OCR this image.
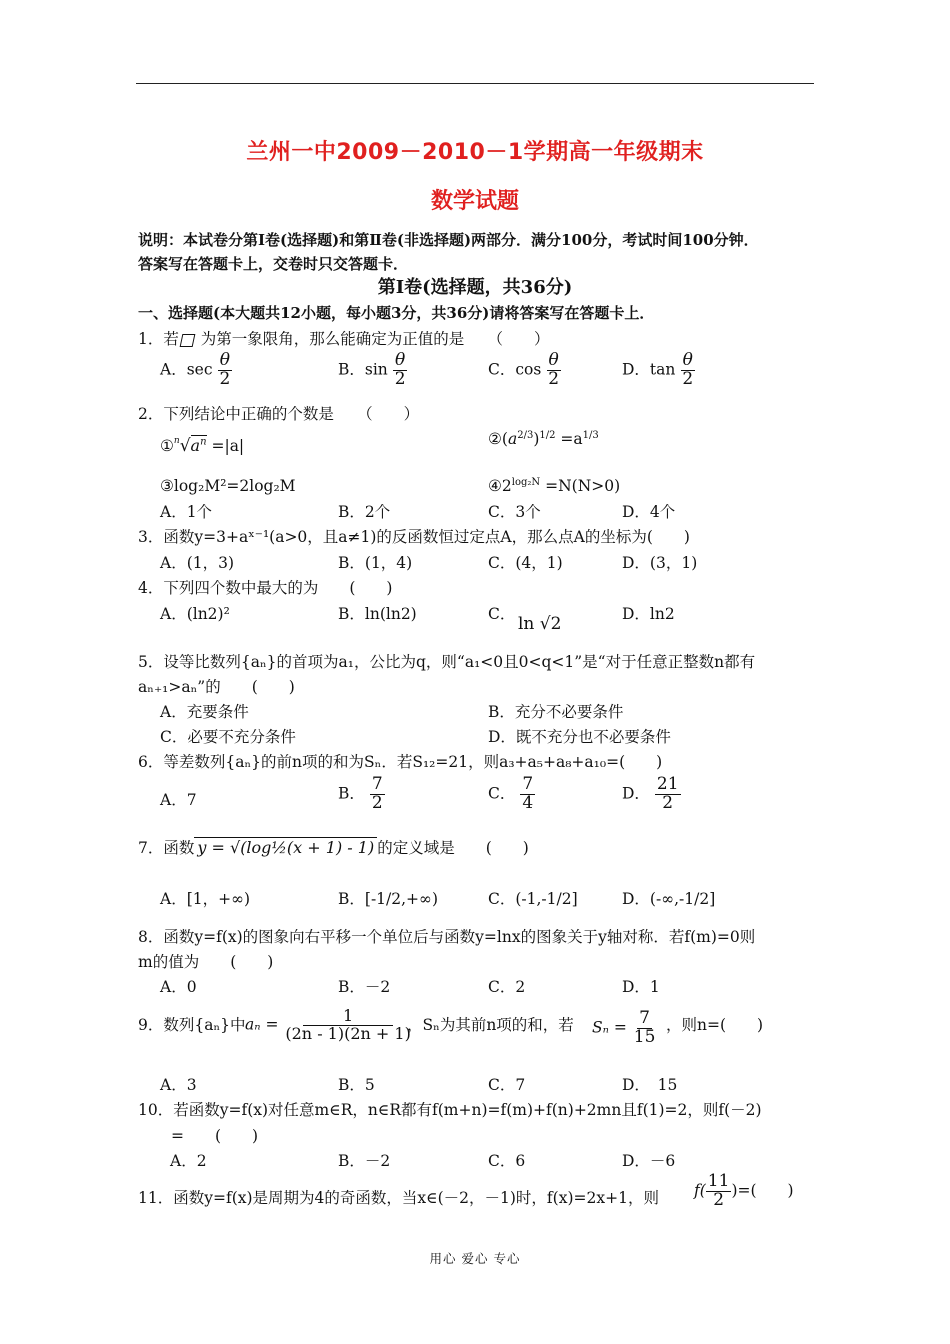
兰州一中2009－2010－1学期高一年级期末
数学试题
说明：本试卷分第Ⅰ卷(选择题)和第Ⅱ卷(非选择题)两部分．满分100分，考试时间100分钟．
答案写在答题卡上，交卷时只交答题卡．
第Ⅰ卷(选择题，共36分)
一、选择题(本大题共12小题，每小题3分，共36分)请将答案写在答题卡上．
1．若 为第一象限角，那么能确定为正值的是　　（　　）
A．$\sec \frac{\theta}{2}$	B．$\sin \frac{\theta}{2}$	C．$\cos \frac{\theta}{2}$	D．$\tan \frac{\theta}{2}$
2．下列结论中正确的个数是　　（　　）
$①^n√a^n =|a|$	$②(a^{2/3})^{1/2} =a^{1/3}$
③log₂M²=2log₂M	$④2^{log_2N} =N(N>0)$
A．1个	B．2个	C．3个	D．4个
3．函数y=3+aˣ⁻¹(a>0，且a≠1)的反函数恒过定点A，那么点A的坐标为(　　)
A．(1，3)	B．(1，4)	C．(4，1)	D．(3，1)
4．下列四个数中最大的为　　(　　)
A．(ln2)²	B．ln(ln2)	C． ln √2	D．ln2
5．设等比数列{aₙ}的首项为a₁，公比为q，则“a₁<0且0<q<1”是“对于任意正整数n都有
aₙ₊₁>aₙ”的　　(　　)
A．充要条件	B．充分不必要条件
C．必要不充分条件	D．既不充分也不必要条件
6．等差数列{aₙ}的前n项的和为Sₙ．若S₁₂=21，则a₃+a₅+a₈+a₁₀=(　　)
A．7	B． $\frac{7}{2}$	C． $\frac{7}{4}$	D． $\frac{21}{2}$
7．函数 y = √(log½(x + 1) - 1) 的定义域是　　(　　)
A．[1，+∞)	B．[-1/2,+∞)	C．(-1,-1/2]	D．(-∞,-1/2]
8．函数y=f(x)的图象向右平移一个单位后与函数y=lnx的图象关于y轴对称．若f(m)=0则
m的值为　　(　　)
A．0	B．－2	C．2	D．1
9．数列{aₙ}中 $a_n = \frac{1}{(2n - 1)(2n + 1)}$
，Sₙ为其前n项的和，若 $S_n = \frac{7}{15}$ ，则n=(　　)
A．3	B．5	C．7	D．　15
10．若函数y=f(x)对任意m∈R，n∈R都有f(m+n)=f(m)+f(n)+2mn且f(1)=2，则f(－2)
=　　(　　)
A．2	B．－2	C．6	D．－6
11．函数y=f(x)是周期为4的奇函数，当x∈(－2，－1)时，f(x)=2x+1，则 $f( \frac{11}{2}$ )=(　　)
用心 爱心 专心
